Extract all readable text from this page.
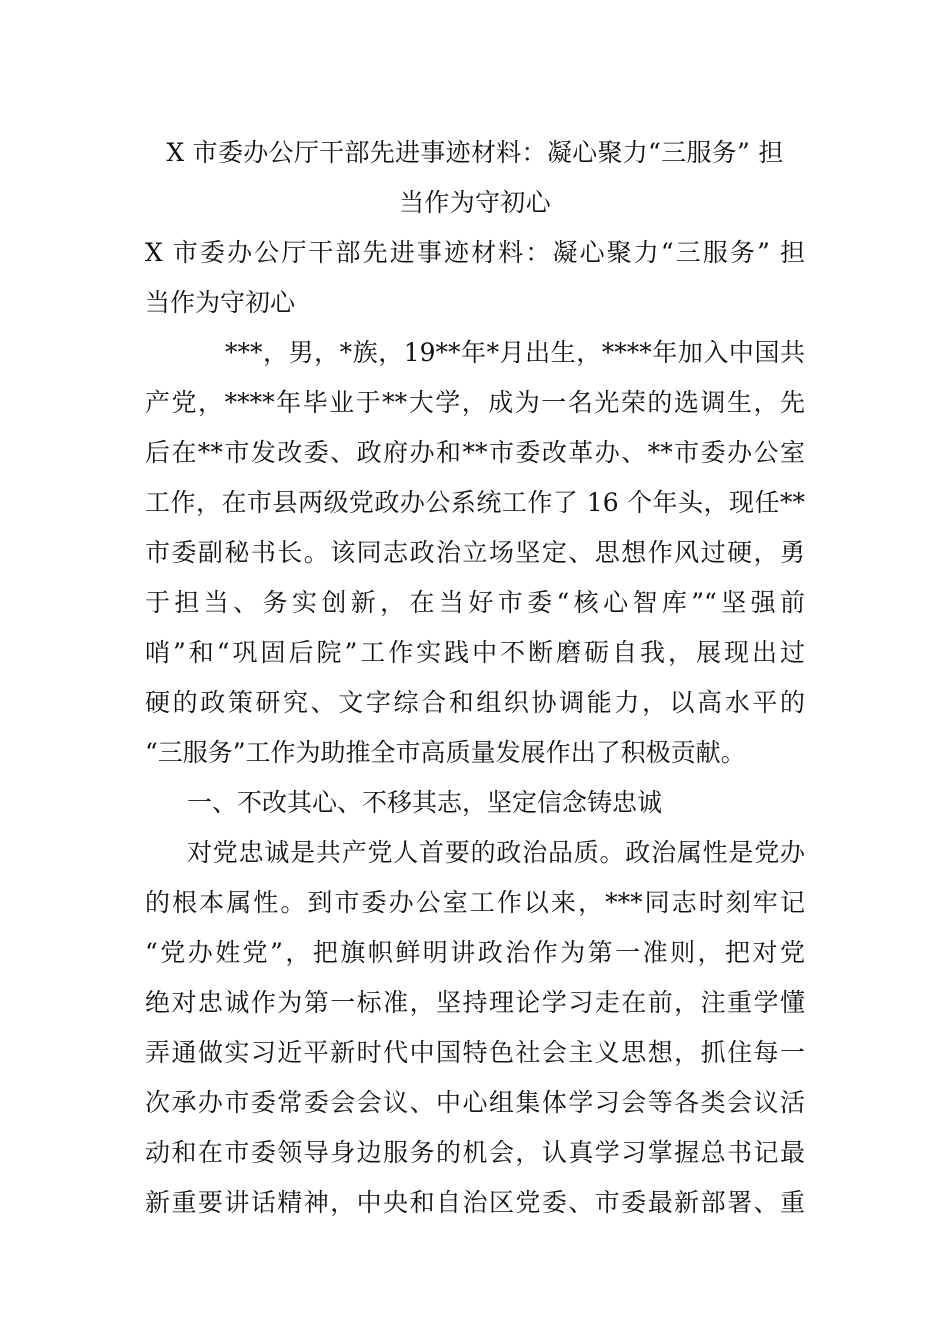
X 市委办公厅干部先进事迹材料：凝心聚力“三服务” 担

当作为守初心

X 市委办公厅干部先进事迹材料：凝心聚力“三服务” 担

当作为守初心

***，男，*族，19**年*月出生，****年加入中国共

产党，****年毕业于**大学，成为一名光荣的选调生，先

后在**市发改委、政府办和**市委改革办、**市委办公室

工作，在市县两级党政办公系统工作了 16 个年头，现任**

市委副秘书长。该同志政治立场坚定、思想作风过硬，勇

于担当、务实创新，在当好市委“核心智库”“坚强前

哨”和“巩固后院”工作实践中不断磨砺自我，展现出过

硬的政策研究、文字综合和组织协调能力，以高水平的

“三服务”工作为助推全市高质量发展作出了积极贡献。

一、不改其心、不移其志，坚定信念铸忠诚

对党忠诚是共产党人首要的政治品质。政治属性是党办

的根本属性。到市委办公室工作以来，***同志时刻牢记

“党办姓党”，把旗帜鲜明讲政治作为第一准则，把对党

绝对忠诚作为第一标准，坚持理论学习走在前，注重学懂

弄通做实习近平新时代中国特色社会主义思想，抓住每一

次承办市委常委会会议、中心组集体学习会等各类会议活

动和在市委领导身边服务的机会，认真学习掌握总书记最

新重要讲话精神，中央和自治区党委、市委最新部署、重
